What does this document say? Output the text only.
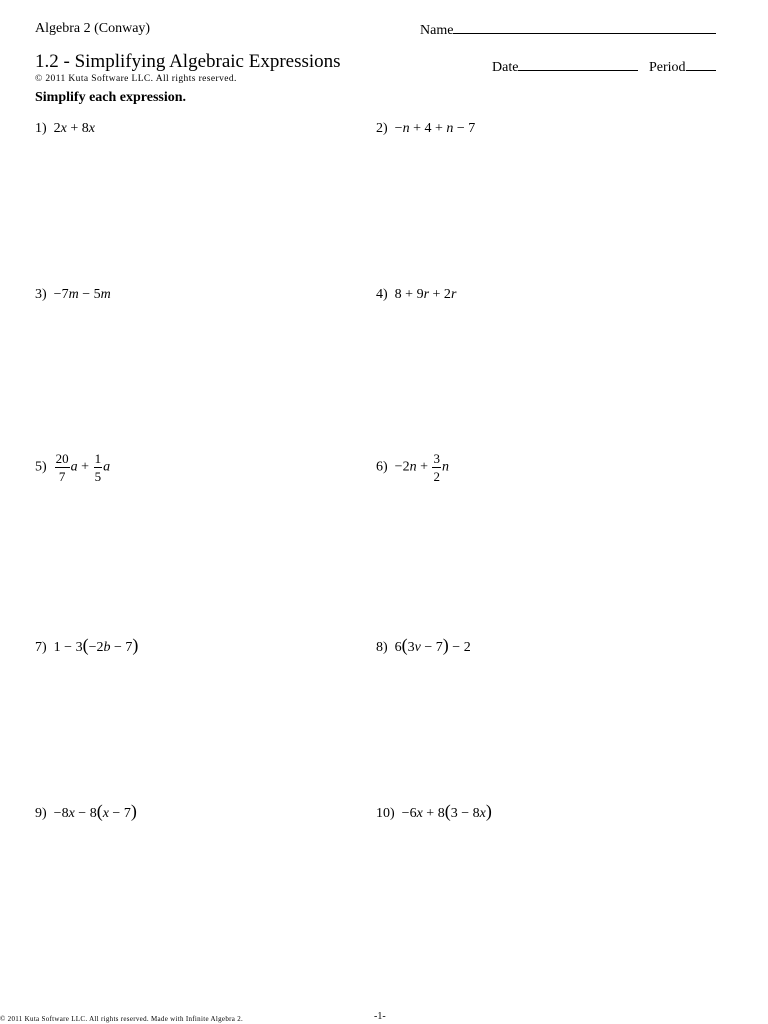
Algebra 2 (Conway)	Name
1.2 - Simplifying Algebraic Expressions
© 2011 Kuta Software LLC. All rights reserved.
Date	Period
Simplify each expression.
1) 2x + 8x	2) −n + 4 + n − 7
3) −7m − 5m	4) 8 + 9r + 2r
$5) \frac{20}{7}$ $a + \frac{1}{5}$ a	$6) -2n + \frac{3}{2}$ n
7) 1 − 3(−2b − 7)	8) 6(3v − 7) − 2
9) −8x − 8(x − 7)	10) −6x + 8(3 − 8x)
© 2011 Kuta Software LLC. All rights reserved. Made with Infinite Algebra 2.	-1-
